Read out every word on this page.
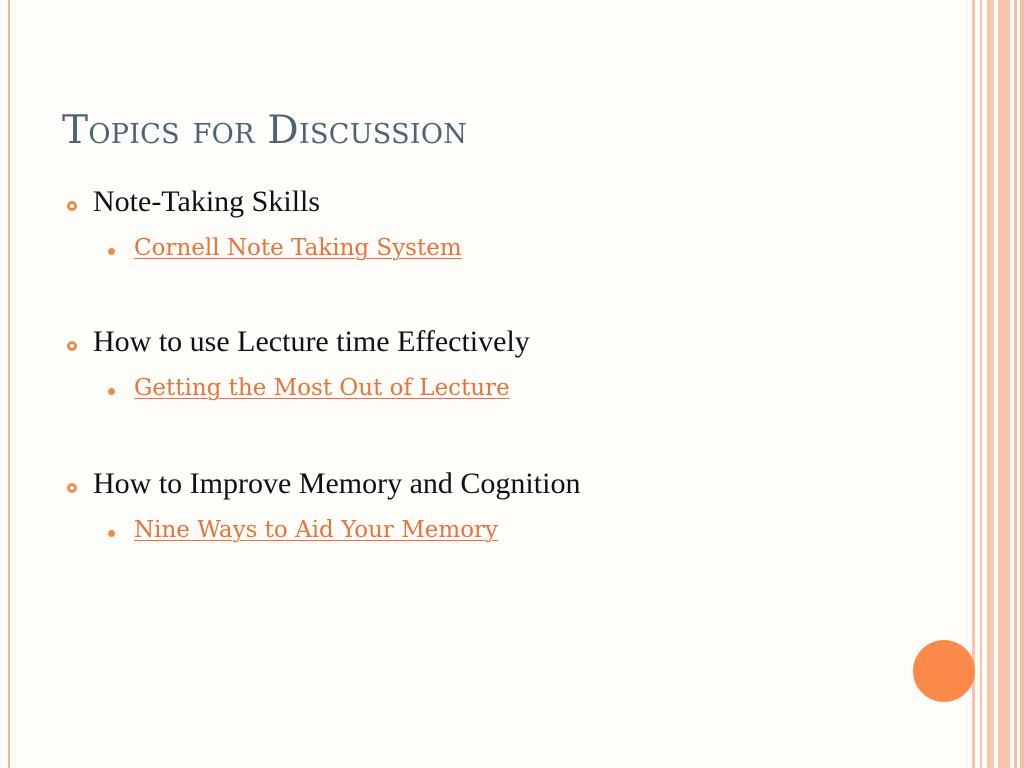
Topics for Discussion
Note-Taking Skills
Cornell Note Taking System
How to use Lecture time Effectively
Getting the Most Out of Lecture
How to Improve Memory and Cognition
Nine Ways to Aid Your Memory
